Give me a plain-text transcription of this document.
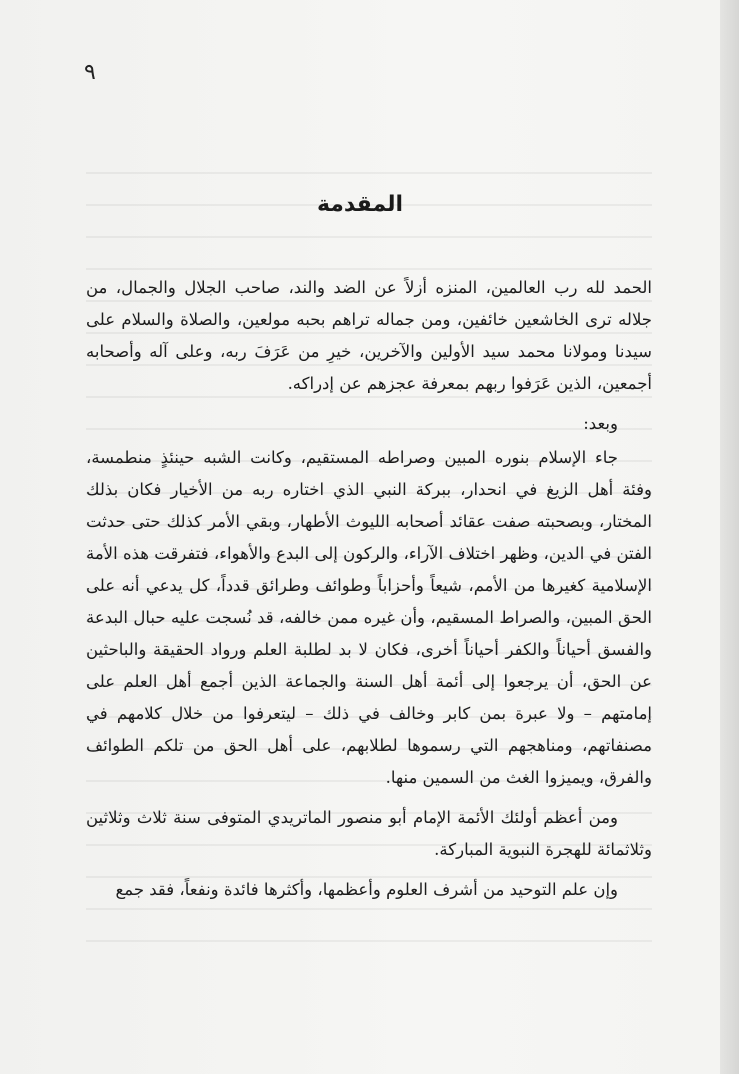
٩
المقدمة

الحمد لله رب العالمين، المنزه أزلاً عن الضد والند، صاحب الجلال والجمال، من جلاله ترى الخاشعين خائفين، ومن جماله تراهم بحبه مولعين، والصلاة والسلام على سيدنا ومولانا محمد سيد الأولين والآخرين، خيرِ من عَرَفَ ربه، وعلى آله وأصحابه أجمعين، الذين عَرَفوا ربهم بمعرفة عجزهم عن إدراكه.

وبعد:

جاء الإسلام بنوره المبين وصراطه المستقيم، وكانت الشبه حينئذٍ منطمسة، وفئة أهل الزيغ في انحدار، ببركة النبي الذي اختاره ربه من الأخيار فكان بذلك المختار، وبصحبته صفت عقائد أصحابه الليوث الأطهار، وبقي الأمر كذلك حتى حدثت الفتن في الدين، وظهر اختلاف الآراء، والركون إلى البدع والأهواء، فتفرقت هذه الأمة الإسلامية كغيرها من الأمم، شيعاً وأحزاباً وطوائف وطرائق قدداً، كل يدعي أنه على الحق المبين، والصراط المسقيم، وأن غيره ممن خالفه، قد نُسجت عليه حبال البدعة والفسق أحياناً والكفر أحياناً أخرى، فكان لا بد لطلبة العلم ورواد الحقيقة والباحثين عن الحق، أن يرجعوا إلى أئمة أهل السنة والجماعة الذين أجمع أهل العلم على إمامتهم – ولا عبرة بمن كابر وخالف في ذلك – ليتعرفوا من خلال كلامهم في مصنفاتهم، ومناهجهم التي رسموها لطلابهم، على أهل الحق من تلكم الطوائف والفرق، ويميزوا الغث من السمين منها.

ومن أعظم أولئك الأئمة الإمام أبو منصور الماتريدي المتوفى سنة ثلاث وثلاثين وثلاثمائة للهجرة النبوية المباركة.

وإن علم التوحيد من أشرف العلوم وأعظمها، وأكثرها فائدة ونفعاً، فقد جمع
